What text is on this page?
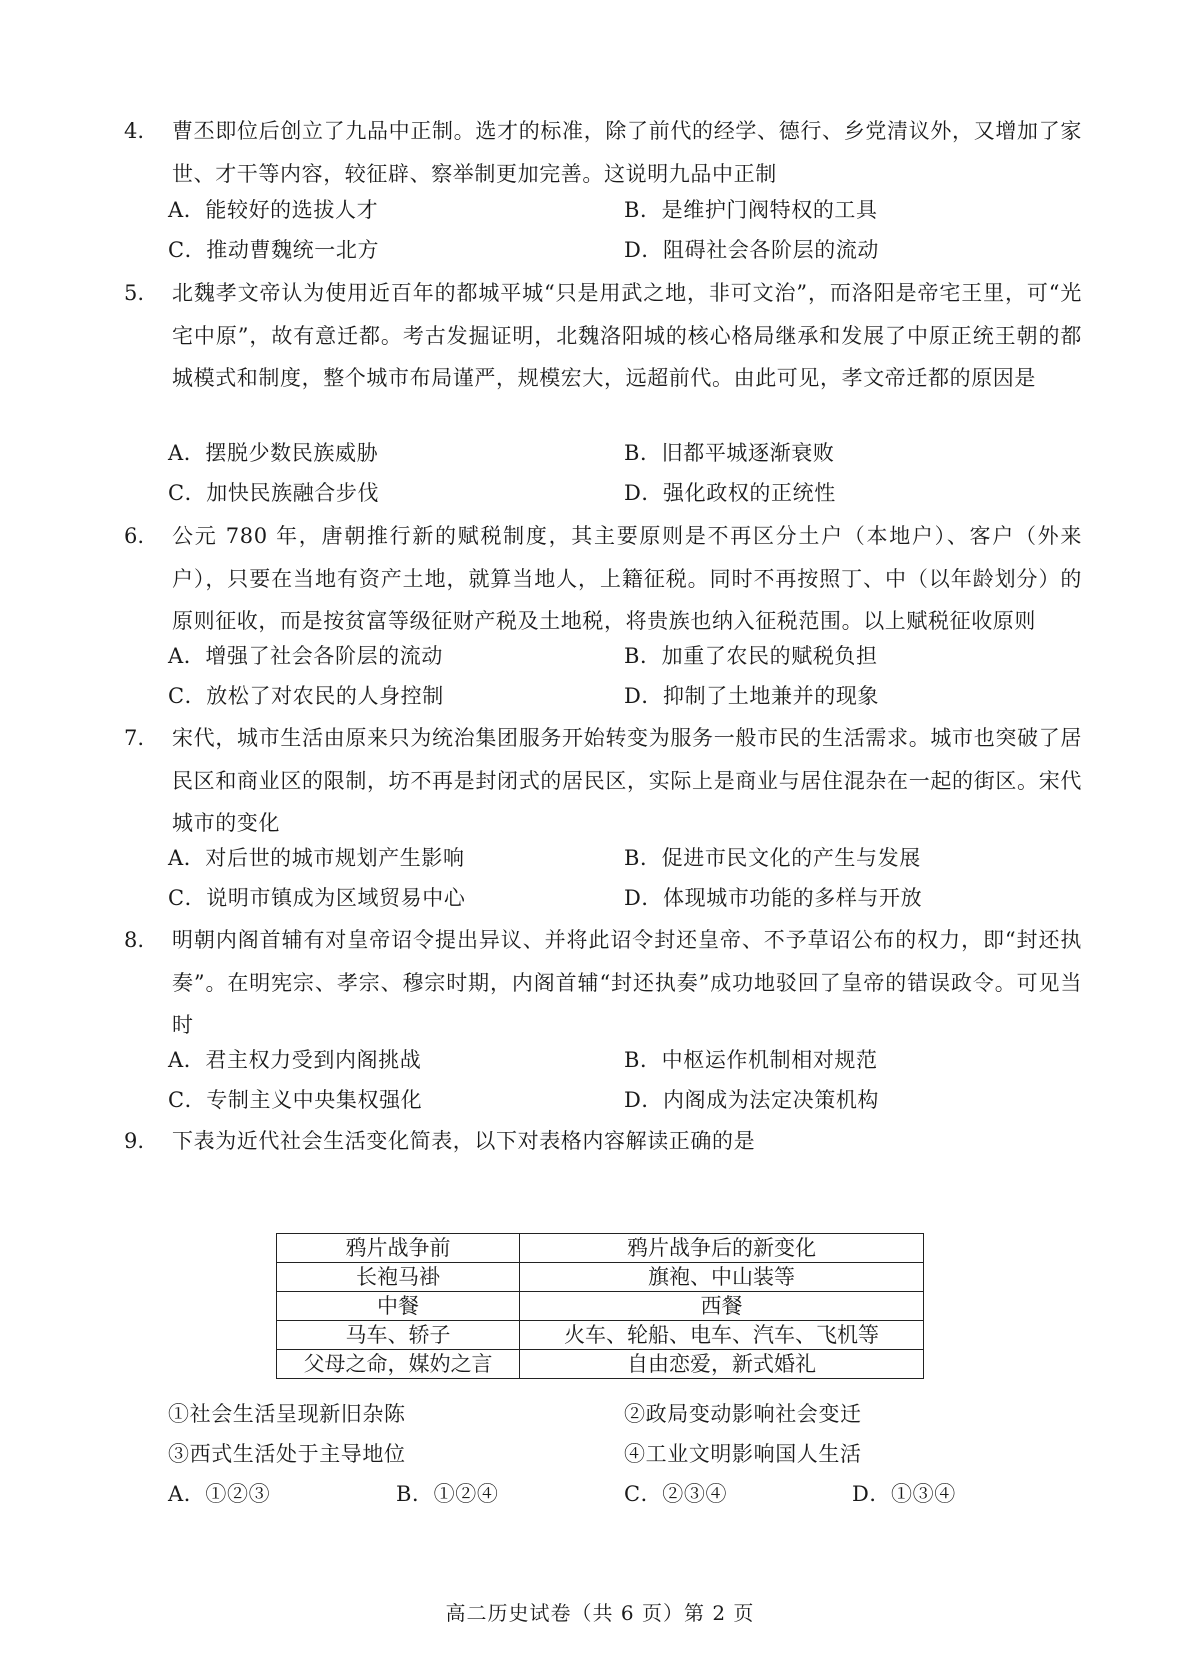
4. 曹丕即位后创立了九品中正制。选才的标准，除了前代的经学、德行、乡党清议外，又增加了家世、才干等内容，较征辟、察举制更加完善。这说明九品中正制
A．能较好的选拔人才	B．是维护门阀特权的工具
C．推动曹魏统一北方	D．阻碍社会各阶层的流动
5. 北魏孝文帝认为使用近百年的都城平城“只是用武之地，非可文治”，而洛阳是帝宅王里，可“光宅中原”，故有意迁都。考古发掘证明，北魏洛阳城的核心格局继承和发展了中原正统王朝的都城模式和制度，整个城市布局谨严，规模宏大，远超前代。由此可见，孝文帝迁都的原因是
A．摆脱少数民族威胁	B．旧都平城逐渐衰败
C．加快民族融合步伐	D．强化政权的正统性
6. 公元 780 年，唐朝推行新的赋税制度，其主要原则是不再区分土户（本地户）、客户（外来户），只要在当地有资产土地，就算当地人，上籍征税。同时不再按照丁、中（以年龄划分）的原则征收，而是按贫富等级征财产税及土地税，将贵族也纳入征税范围。以上赋税征收原则
A．增强了社会各阶层的流动	B．加重了农民的赋税负担
C．放松了对农民的人身控制	D．抑制了土地兼并的现象
7. 宋代，城市生活由原来只为统治集团服务开始转变为服务一般市民的生活需求。城市也突破了居民区和商业区的限制，坊不再是封闭式的居民区，实际上是商业与居住混杂在一起的街区。宋代城市的变化
A．对后世的城市规划产生影响	B．促进市民文化的产生与发展
C．说明市镇成为区域贸易中心	D．体现城市功能的多样与开放
8. 明朝内阁首辅有对皇帝诏令提出异议、并将此诏令封还皇帝、不予草诏公布的权力，即“封还执奏”。在明宪宗、孝宗、穆宗时期，内阁首辅“封还执奏”成功地驳回了皇帝的错误政令。可见当时
A．君主权力受到内阁挑战	B．中枢运作机制相对规范
C．专制主义中央集权强化	D．内阁成为法定决策机构
9. 下表为近代社会生活变化简表，以下对表格内容解读正确的是
鸦片战争前	鸦片战争后的新变化
长袍马褂	旗袍、中山装等
中餐	西餐
马车、轿子	火车、轮船、电车、汽车、飞机等
父母之命，媒妁之言	自由恋爱，新式婚礼
①社会生活呈现新旧杂陈	②政局变动影响社会变迁
③西式生活处于主导地位	④工业文明影响国人生活
A．①②③	B．①②④	C．②③④	D．①③④
高二历史试卷（共 6 页）第 2 页
